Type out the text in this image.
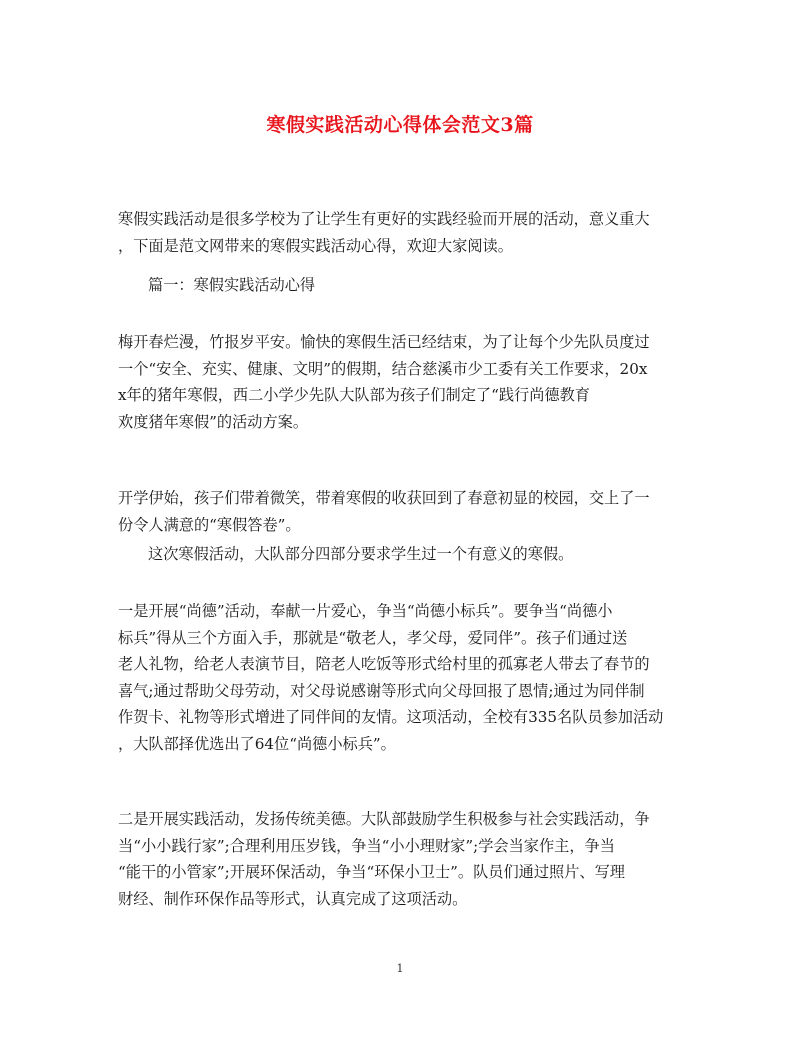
寒假实践活动心得体会范文3篇

寒假实践活动是很多学校为了让学生有更好的实践经验而开展的活动，意义重大
，下面是范文网带来的寒假实践活动心得，欢迎大家阅读。

篇一：寒假实践活动心得

梅开春烂漫，竹报岁平安。愉快的寒假生活已经结束，为了让每个少先队员度过
一个“安全、充实、健康、文明”的假期，结合慈溪市少工委有关工作要求，20x
x年的猪年寒假，西二小学少先队大队部为孩子们制定了“践行尚德教育
欢度猪年寒假”的活动方案。

开学伊始，孩子们带着微笑，带着寒假的收获回到了春意初显的校园，交上了一
份令人满意的“寒假答卷”。

这次寒假活动，大队部分四部分要求学生过一个有意义的寒假。

一是开展“尚德”活动，奉献一片爱心，争当“尚德小标兵”。要争当“尚德小
标兵”得从三个方面入手，那就是“敬老人，孝父母，爱同伴”。孩子们通过送
老人礼物，给老人表演节目，陪老人吃饭等形式给村里的孤寡老人带去了春节的
喜气;通过帮助父母劳动，对父母说感谢等形式向父母回报了恩情;通过为同伴制
作贺卡、礼物等形式增进了同伴间的友情。这项活动，全校有335名队员参加活动
，大队部择优选出了64位“尚德小标兵”。

二是开展实践活动，发扬传统美德。大队部鼓励学生积极参与社会实践活动，争
当“小小践行家”;合理利用压岁钱，争当“小小理财家”;学会当家作主，争当
“能干的小管家”;开展环保活动，争当“环保小卫士”。队员们通过照片、写理
财经、制作环保作品等形式，认真完成了这项活动。

1
